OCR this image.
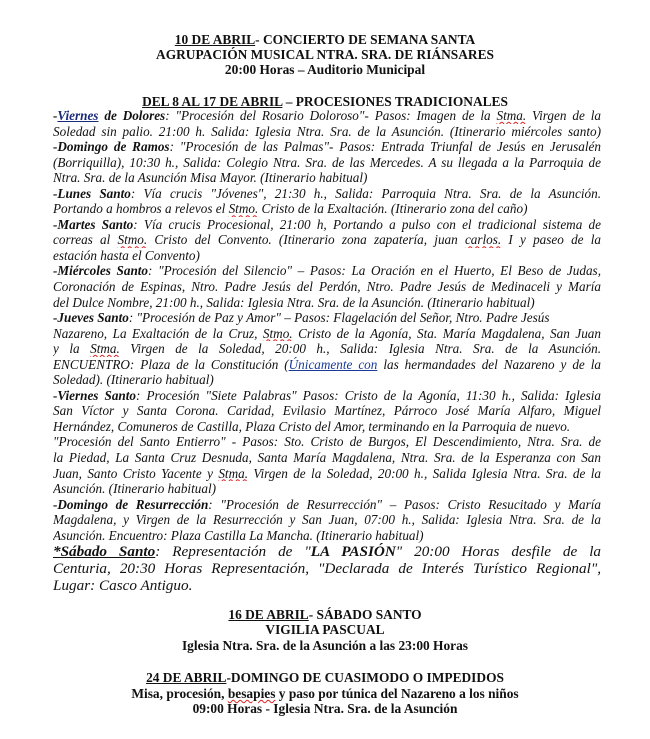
10 DE ABRIL- CONCIERTO DE SEMANA SANTA
AGRUPACIÓN MUSICAL NTRA. SRA. DE RIÁNSARES
20:00 Horas – Auditorio Municipal
DEL 8 AL 17 DE ABRIL – PROCESIONES TRADICIONALES
-Viernes de Dolores: "Procesión del Rosario Doloroso"- Pasos: Imagen de la Stma. Virgen de la
Soledad sin palio. 21:00 h. Salida: Iglesia Ntra. Sra. de la Asunción. (Itinerario miércoles santo)
-Domingo de Ramos: "Procesión de las Palmas"- Pasos: Entrada Triunfal de Jesús en Jerusalén
(Borriquilla), 10:30 h., Salida: Colegio Ntra. Sra. de las Mercedes. A su llegada a la Parroquia de
Ntra. Sra. de la Asunción Misa Mayor. (Itinerario habitual)
-Lunes Santo: Vía crucis "Jóvenes", 21:30 h., Salida: Parroquia Ntra. Sra. de la Asunción.
Portando a hombros a relevos el Stmo. Cristo de la Exaltación. (Itinerario zona del caño)
-Martes Santo: Vía crucis Procesional, 21:00 h, Portando a pulso con el tradicional sistema de
correas al Stmo. Cristo del Convento. (Itinerario zona zapatería, juan carlos. I y paseo de la
estación hasta el Convento)
-Miércoles Santo: "Procesión del Silencio" – Pasos: La Oración en el Huerto, El Beso de Judas,
Coronación de Espinas, Ntro. Padre Jesús del Perdón, Ntro. Padre Jesús de Medinaceli y María
del Dulce Nombre, 21:00 h., Salida: Iglesia Ntra. Sra. de la Asunción. (Itinerario habitual)
-Jueves Santo: "Procesión de Paz y Amor" – Pasos: Flagelación del Señor, Ntro. Padre Jesús
Nazareno, La Exaltación de la Cruz, Stmo. Cristo de la Agonía, Sta. María Magdalena, San Juan
y la Stma. Virgen de la Soledad, 20:00 h., Salida: Iglesia Ntra. Sra. de la Asunción.
ENCUENTRO: Plaza de la Constitución (Únicamente con las hermandades del Nazareno y de la
Soledad). (Itinerario habitual)
-Viernes Santo: Procesión "Siete Palabras" Pasos: Cristo de la Agonía, 11:30 h., Salida: Iglesia
San Víctor y Santa Corona. Caridad, Evilasio Martínez, Párroco José María Alfaro, Miguel
Hernández, Comuneros de Castilla, Plaza Cristo del Amor, terminando en la Parroquia de nuevo.
"Procesión del Santo Entierro" - Pasos: Sto. Cristo de Burgos, El Descendimiento, Ntra. Sra. de
la Piedad, La Santa Cruz Desnuda, Santa María Magdalena, Ntra. Sra. de la Esperanza con San
Juan, Santo Cristo Yacente y Stma. Virgen de la Soledad, 20:00 h., Salida Iglesia Ntra. Sra. de la
Asunción. (Itinerario habitual)
-Domingo de Resurrección: "Procesión de Resurrección" – Pasos: Cristo Resucitado y María
Magdalena, y Virgen de la Resurrección y San Juan, 07:00 h., Salida: Iglesia Ntra. Sra. de la
Asunción. Encuentro: Plaza Castilla La Mancha. (Itinerario habitual)
*Sábado Santo: Representación de "LA PASIÓN" 20:00 Horas desfile de la
Centuria, 20:30 Horas Representación, "Declarada de Interés Turístico Regional",
Lugar: Casco Antiguo.
16 DE ABRIL- SÁBADO SANTO
VIGILIA PASCUAL
Iglesia Ntra. Sra. de la Asunción a las 23:00 Horas
24 DE ABRIL-DOMINGO DE CUASIMODO O IMPEDIDOS
Misa, procesión, besapies y paso por túnica del Nazareno a los niños
09:00 Horas - Iglesia Ntra. Sra. de la Asunción
